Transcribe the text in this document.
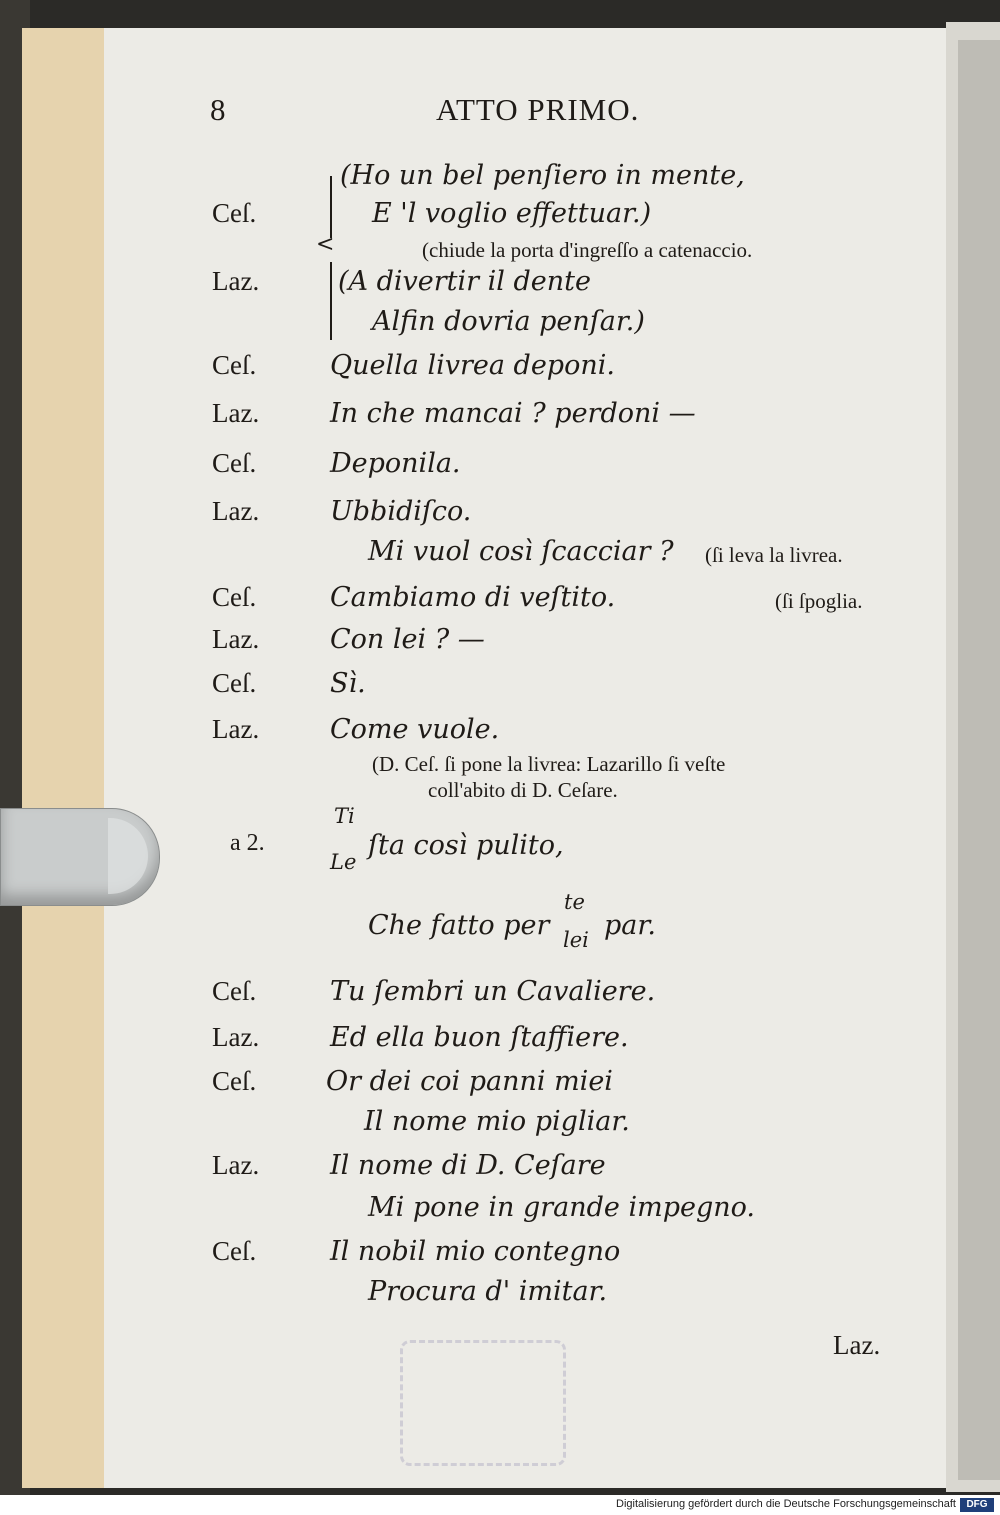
8	ATTO PRIMO.
<
(Ho un bel penſiero in mente,
Ceſ.	E 'l voglio effettuar.)
(chiude la porta d'ingreſſo a catenaccio.
Laz.	(A divertir il dente
Alfin dovria penſar.)
Ceſ.	Quella livrea deponi.
Laz.	In che mancai ? perdoni —
Ceſ.	Deponila.
Laz.	Ubbidiſco.
Mi vuol così ſcacciar ? (ſi leva la livrea.
Ceſ.	Cambiamo di veſtito.	(ſi ſpoglia.
Laz.	Con lei ? —
Ceſ.	Sì.
Laz.	Come vuole.
(D. Ceſ. ſi pone la livrea: Lazarillo ſi veſte
coll'abito di D. Ceſare.
a 2.
Ti
Le
ſta così pulito,
Che fatto per
te
lei par.
Ceſ.	Tu ſembri un Cavaliere.
Laz.	Ed ella buon ſtaffiere.
Ceſ.	Or dei coi panni miei
Il nome mio pigliar.
Laz.	Il nome di D. Ceſare
Mi pone in grande impegno.
Ceſ.	Il nobil mio contegno
Procura d' imitar.
Laz.
Digitalisierung gefördert durch die Deutsche Forschungsgemeinschaft	DFG
